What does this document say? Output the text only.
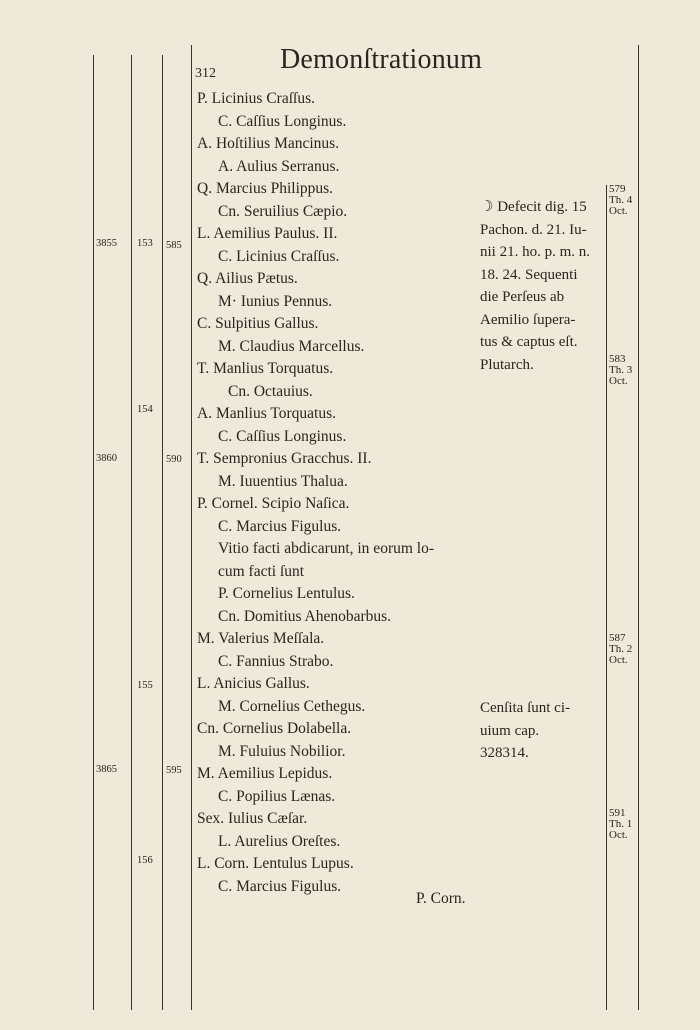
312 Demonſtrationum
P. Licinius Craſſus.
C. Caſſius Longinus.
A. Hoſtilius Mancinus.
A. Aulius Serranus.
Q. Marcius Philippus.
Cn. Seruilius Cæpio.
L. Aemilius Paulus. II.
C. Licinius Craſſus.
Q. Ailius Pætus.
M· Iunius Pennus.
C. Sulpitius Gallus.
M. Claudius Marcellus.
T. Manlius Torquatus.
Cn. Octauius.
A. Manlius Torquatus.
C. Caſſius Longinus.
T. Sempronius Gracchus. II.
M. Iuuentius Thalua.
P. Cornel. Scipio Naſica.
C. Marcius Figulus.
Vitio facti abdicarunt, in eorum lo-
cum facti ſunt
P. Cornelius Lentulus.
Cn. Domitius Ahenobarbus.
M. Valerius Meſſala.
C. Fannius Strabo.
L. Anicius Gallus.
M. Cornelius Cethegus.
Cn. Cornelius Dolabella.
M. Fuluius Nobilior.
M. Aemilius Lepidus.
C. Popilius Lænas.
Sex. Iulius Cæſar.
L. Aurelius Oreſtes.
L. Corn. Lentulus Lupus.
C. Marcius Figulus.
3855
3860
3865
153
154
155
156
585
590
595
☽ Defecit dig. 15
Pachon. d. 21. Iu-
nii 21. ho. p. m. n.
18. 24. Sequenti
die Perſeus ab
Aemilio ſupera-
tus & captus eſt.
Plutarch.
Cenſita ſunt ci-
uium cap.
328314.
579
Th. 4
Oct.
583
Th. 3
Oct.
587
Th. 2
Oct.
591
Th. 1
Oct.
P. Corn.
